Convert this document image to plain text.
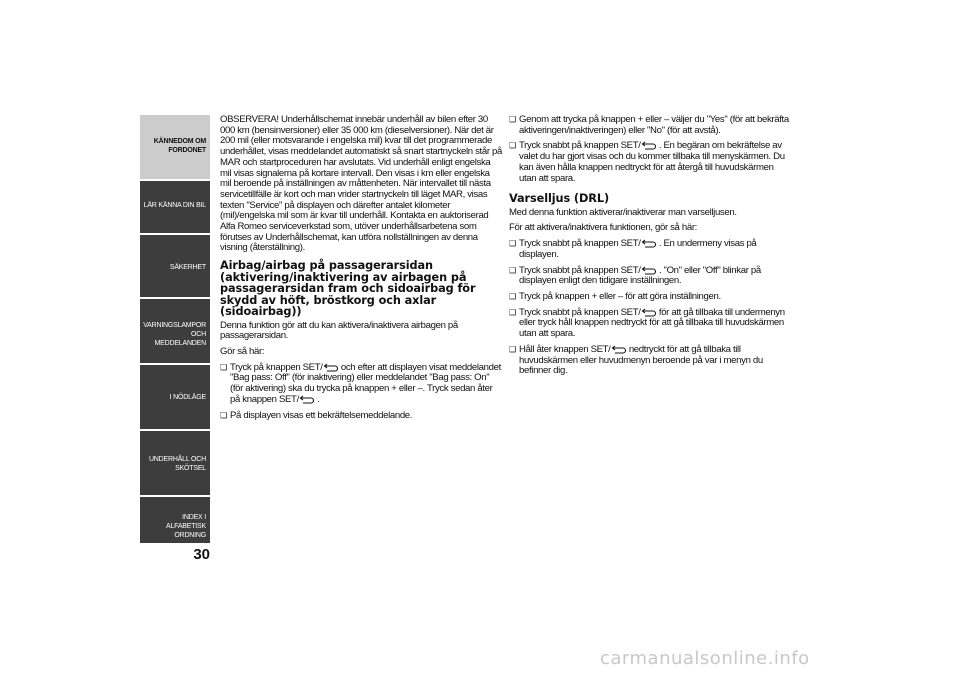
KÄNNEDOM OM FORDONET
LÄR KÄNNA DIN BIL
SÄKERHET
VARNINGSLAMPOR OCH MEDDELANDEN
I NÖDLÄGE
UNDERHÅLL OCH SKÖTSEL
INDEX I ALFABETISK ORDNING
30

OBSERVERA! Underhållschemat innebär underhåll av bilen efter 30 000 km (bensinversioner) eller 35 000 km (dieselversioner). När det är 200 mil (eller motsvarande i engelska mil) kvar till det programmerade underhållet, visas meddelandet automatiskt så snart startnyckeln står på MAR och startproceduren har avslutats. Vid underhåll enligt engelska mil visas signalerna på kortare intervall. Den visas i km eller engelska mil beroende på inställningen av måttenheten. När intervallet till nästa servicetillfälle är kort och man vrider startnyckeln till läget MAR, visas texten "Service" på displayen och därefter antalet kilometer (mil)/engelska mil som är kvar till underhåll. Kontakta en auktoriserad Alfa Romeo serviceverkstad som, utöver underhållsarbetena som förutses av Underhållschemat, kan utföra nollställningen av denna visning (återställning).

Airbag/airbag på passagerarsidan (aktivering/inaktivering av airbagen på passagerarsidan fram och sidoairbag för skydd av höft, bröstkorg och axlar (sidoairbag))

Denna funktion gör att du kan aktivera/inaktivera airbagen på passagerarsidan.

Gör så här:

❑ Tryck på knappen SET/ och efter att displayen visat meddelandet "Bag pass: Off" (för inaktivering) eller meddelandet "Bag pass: On" (för aktivering) ska du trycka på knappen + eller –. Tryck sedan åter på knappen SET/ .
❑ På displayen visas ett bekräftelsemeddelande.
❑ Genom att trycka på knappen + eller – väljer du "Yes" (för att bekräfta aktiveringen/inaktiveringen) eller "No" (för att avstå).
❑ Tryck snabbt på knappen SET/ . En begäran om bekräftelse av valet du har gjort visas och du kommer tillbaka till menyskärmen. Du kan även hålla knappen nedtryckt för att återgå till huvudskärmen utan att spara.
Varselljus (DRL)

Med denna funktion aktiverar/inaktiverar man varselljusen.

För att aktivera/inaktivera funktionen, gör så här:

❑ Tryck snabbt på knappen SET/ . En undermeny visas på displayen.
❑ Tryck snabbt på knappen SET/ . "On" eller "Off" blinkar på displayen enligt den tidigare inställningen.
❑ Tryck på knappen + eller – för att göra inställningen.
❑ Tryck snabbt på knappen SET/ för att gå tillbaka till undermenyn eller tryck håll knappen nedtryckt för att gå tillbaka till huvudskärmen utan att spara.
❑ Håll åter knappen SET/ nedtryckt för att gå tillbaka till huvudskärmen eller huvudmenyn beroende på var i menyn du befinner dig.
carmanualsonline.info
